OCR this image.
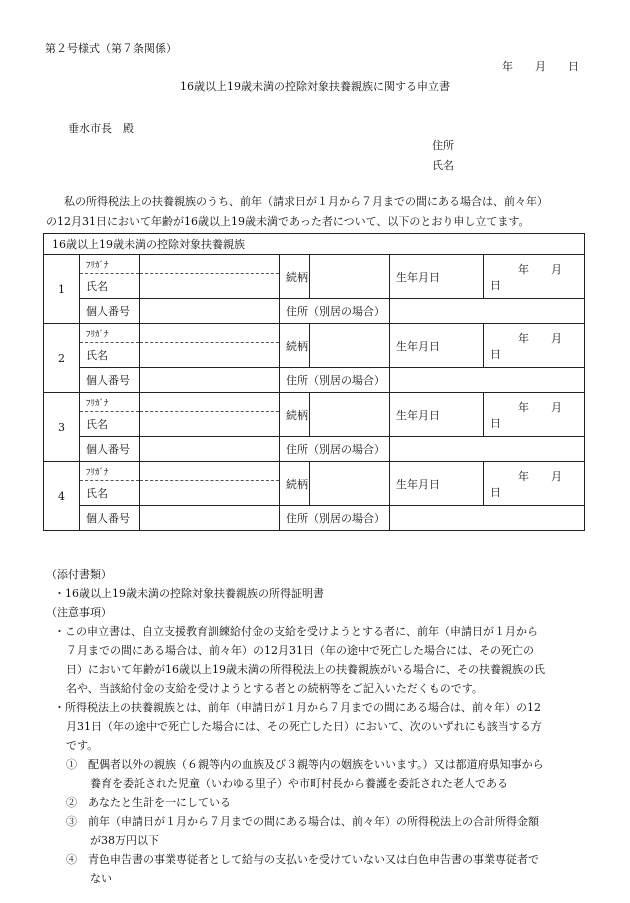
第２号様式（第７条関係）
年 月 日
16歳以上19歳未満の控除対象扶養親族に関する申立書
垂水市長　殿
住所
氏名

私の所得税法上の扶養親族のうち、前年（請求日が１月から７月までの間にある場合は、前々年）

の12月31日において年齢が16歳以上19歳未満であった者について、以下のとおり申し立てます。

16歳以上19歳未満の控除対象扶養親族						
1	ﾌﾘｶﾞﾅ		続柄		生年月日	年 月日
	氏名					
	個人番号		住所（別居の場合）			
2	ﾌﾘｶﾞﾅ		続柄		生年月日	年 月日
	氏名					
	個人番号		住所（別居の場合）			
3	ﾌﾘｶﾞﾅ		続柄		生年月日	年 月日
	氏名					
	個人番号		住所（別居の場合）			
4	ﾌﾘｶﾞﾅ		続柄		生年月日	年 月日
	氏名					
	個人番号		住所（別居の場合）			

（添付書類）

・16歳以上19歳未満の控除対象扶養親族の所得証明書

（注意事項）

・この申立書は、自立支援教育訓練給付金の支給を受けようとする者に、前年（申請日が１月から

７月までの間にある場合は、前々年）の12月31日（年の途中で死亡した場合には、その死亡の

日）において年齢が16歳以上19歳未満の所得税法上の扶養親族がいる場合に、その扶養親族の氏

名や、当該給付金の支給を受けようとする者との続柄等をご記入いただくものです。

・所得税法上の扶養親族とは、前年（申請日が１月から７月までの間にある場合は、前々年）の12

月31日（年の途中で死亡した場合には、その死亡した日）において、次のいずれにも該当する方

です。

①　配偶者以外の親族（６親等内の血族及び３親等内の姻族をいいます。）又は都道府県知事から

養育を委託された児童（いわゆる里子）や市町村長から養護を委託された老人である

②　あなたと生計を一にしている

③　前年（申請日が１月から７月までの間にある場合は、前々年）の所得税法上の合計所得金額

が38万円以下

④　青色申告書の事業専従者として給与の支払いを受けていない又は白色申告書の事業専従者で

ない
